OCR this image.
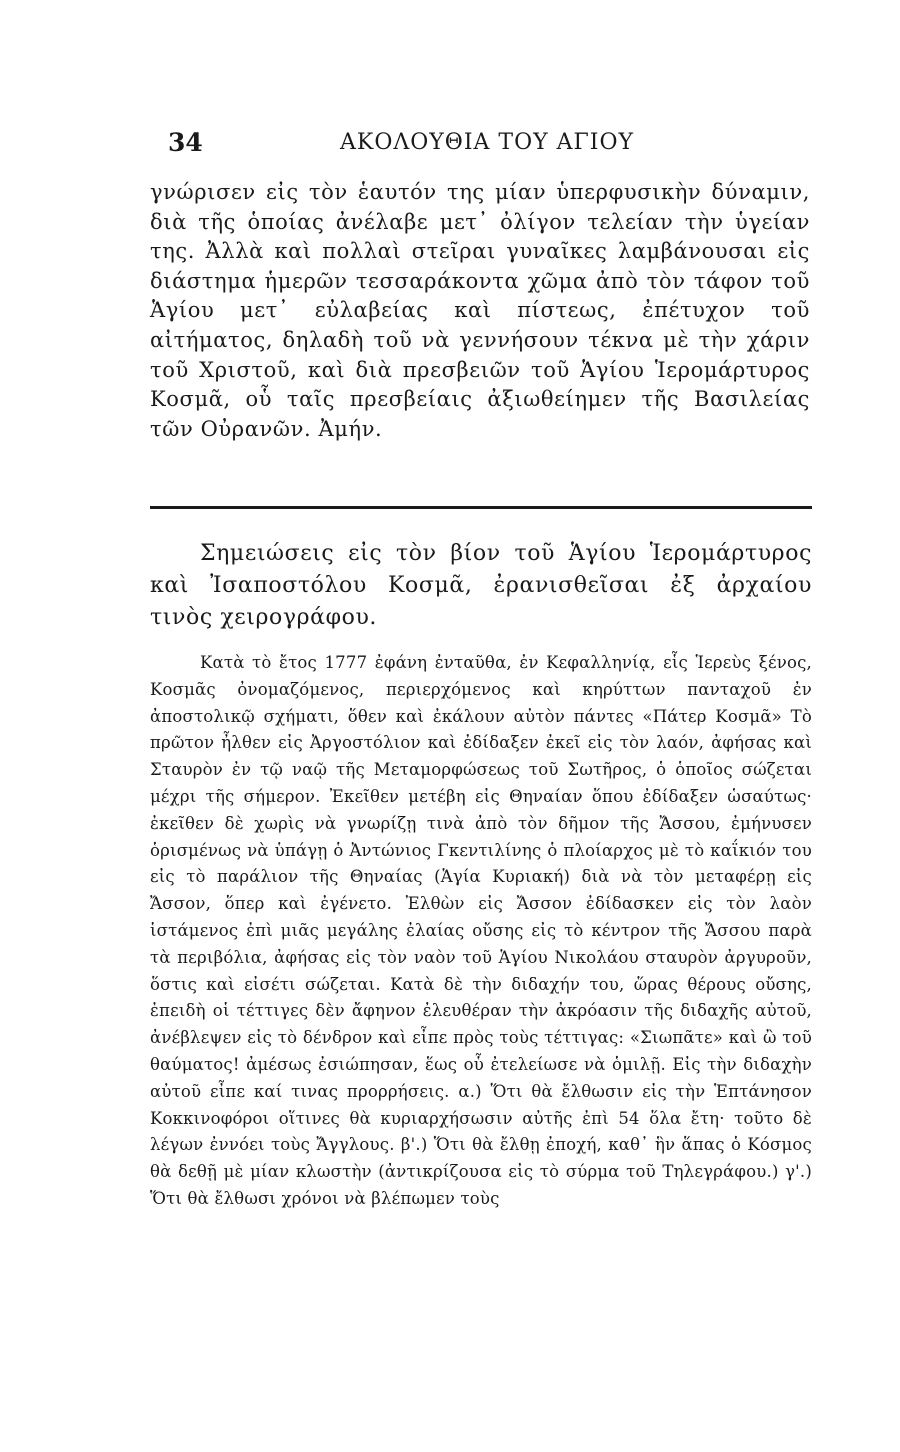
34	ΑΚΟΛΟΥΘΙΑ ΤΟΥ ΑΓΙΟΥ

γνώρισεν εἰς τὸν ἑαυτόν της μίαν ὑπερφυσικὴν δύναμιν, διὰ τῆς ὁποίας ἀνέλαβε μετ᾿ ὀλίγον τελείαν τὴν ὑγείαν της. Ἀλλὰ καὶ πολλαὶ στεῖραι γυναῖκες λαμβάνουσαι εἰς διάστημα ἡμερῶν τεσσαράκοντα χῶμα ἀπὸ τὸν τάφον τοῦ Ἁγίου μετ᾿ εὐλαβείας καὶ πίστεως, ἐπέτυχον τοῦ αἰτήματος, δηλαδὴ τοῦ νὰ γεννήσουν τέκνα μὲ τὴν χάριν τοῦ Χριστοῦ, καὶ διὰ πρεσβειῶν τοῦ Ἁγίου Ἱερομάρτυρος Κοσμᾶ, οὗ ταῖς πρεσβείαις ἀξιωθείημεν τῆς Βασιλείας τῶν Οὐρανῶν. Ἀμήν.

Σημειώσεις εἰς τὸν βίον τοῦ Ἁγίου Ἱερομάρτυρος καὶ Ἰσαποστόλου Κοσμᾶ, ἐρανισθεῖσαι ἐξ ἀρχαίου τινὸς χειρογράφου.

Κατὰ τὸ ἔτος 1777 ἐφάνη ἐνταῦθα, ἐν Κεφαλληνίᾳ, εἷς Ἱερεὺς ξένος, Κοσμᾶς ὀνομαζόμενος, περιερχόμενος καὶ κηρύττων πανταχοῦ ἐν ἀποστολικῷ σχήματι, ὅθεν καὶ ἐκάλουν αὐτὸν πάντες «Πάτερ Κοσμᾶ» Τὸ πρῶτον ἦλθεν εἰς Ἀργοστόλιον καὶ ἐδίδαξεν ἐκεῖ εἰς τὸν λαόν, ἀφήσας καὶ Σταυρὸν ἐν τῷ ναῷ τῆς Μεταμορφώσεως τοῦ Σωτῆρος, ὁ ὁποῖος σώζεται μέχρι τῆς σήμερον. Ἐκεῖθεν μετέβη εἰς Θηναίαν ὅπου ἐδίδαξεν ὡσαύτως· ἐκεῖθεν δὲ χωρὶς νὰ γνωρίζῃ τινὰ ἀπὸ τὸν δῆμον τῆς Ἄσσου, ἐμήνυσεν ὁρισμένως νὰ ὑπάγῃ ὁ Ἀντώνιος Γκεντιλίνης ὁ πλοίαρχος μὲ τὸ καΐκιόν του εἰς τὸ παράλιον τῆς Θηναίας (Ἁγία Κυριακή) διὰ νὰ τὸν μεταφέρῃ εἰς Ἄσσον, ὅπερ καὶ ἐγένετο. Ἐλθὼν εἰς Ἄσσον ἐδίδασκεν εἰς τὸν λαὸν ἱστάμενος ἐπὶ μιᾶς μεγάλης ἐλαίας οὔσης εἰς τὸ κέντρον τῆς Ἄσσου παρὰ τὰ περιβόλια, ἀφήσας εἰς τὸν ναὸν τοῦ Ἁγίου Νικολάου σταυρὸν ἀργυροῦν, ὅστις καὶ εἰσέτι σώζεται. Κατὰ δὲ τὴν διδαχήν του, ὥρας θέρους οὔσης, ἐπειδὴ οἱ τέττιγες δὲν ἄφηνον ἐλευθέραν τὴν ἀκρόασιν τῆς διδαχῆς αὐτοῦ, ἀνέβλεψεν εἰς τὸ δένδρον καὶ εἶπε πρὸς τοὺς τέττιγας: «Σιωπᾶτε» καὶ ὢ τοῦ θαύματος! ἀμέσως ἐσιώπησαν, ἕως οὗ ἐτελείωσε νὰ ὁμιλῇ. Εἰς τὴν διδαχὴν αὐτοῦ εἶπε καί τινας προρρήσεις. α.) Ὅτι θὰ ἔλθωσιν εἰς τὴν Ἑπτάνησον Κοκκινοφόροι οἵτινες θὰ κυριαρχήσωσιν αὐτῆς ἐπὶ 54 ὅλα ἔτη· τοῦτο δὲ λέγων ἐννόει τοὺς Ἄγγλους. β'.) Ὅτι θὰ ἔλθῃ ἐποχή, καθ᾿ ἣν ἅπας ὁ Κόσμος θὰ δεθῇ μὲ μίαν κλωστὴν (ἀντικρίζουσα εἰς τὸ σύρμα τοῦ Τηλεγράφου.) γ'.) Ὅτι θὰ ἔλθωσι χρόνοι νὰ βλέπωμεν τοὺς
